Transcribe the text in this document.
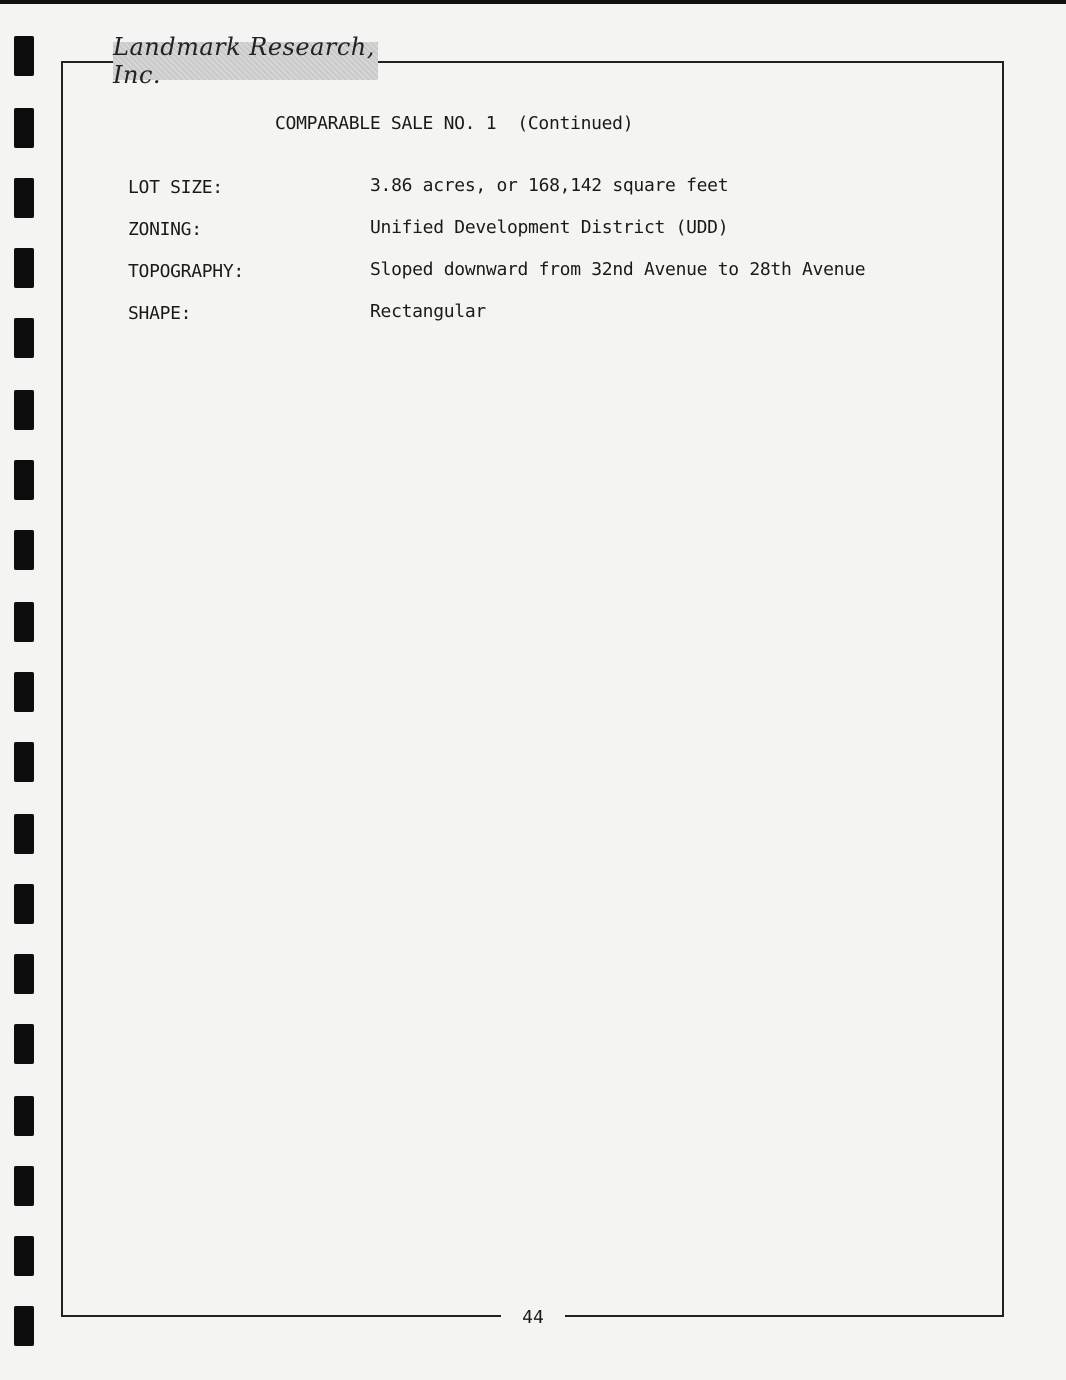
Landmark Research, Inc.
COMPARABLE SALE NO. 1  (Continued)
LOT SIZE:	3.86 acres, or 168,142 square feet
ZONING:	Unified Development District (UDD)
TOPOGRAPHY:	Sloped downward from 32nd Avenue to 28th Avenue
SHAPE:	Rectangular
44
